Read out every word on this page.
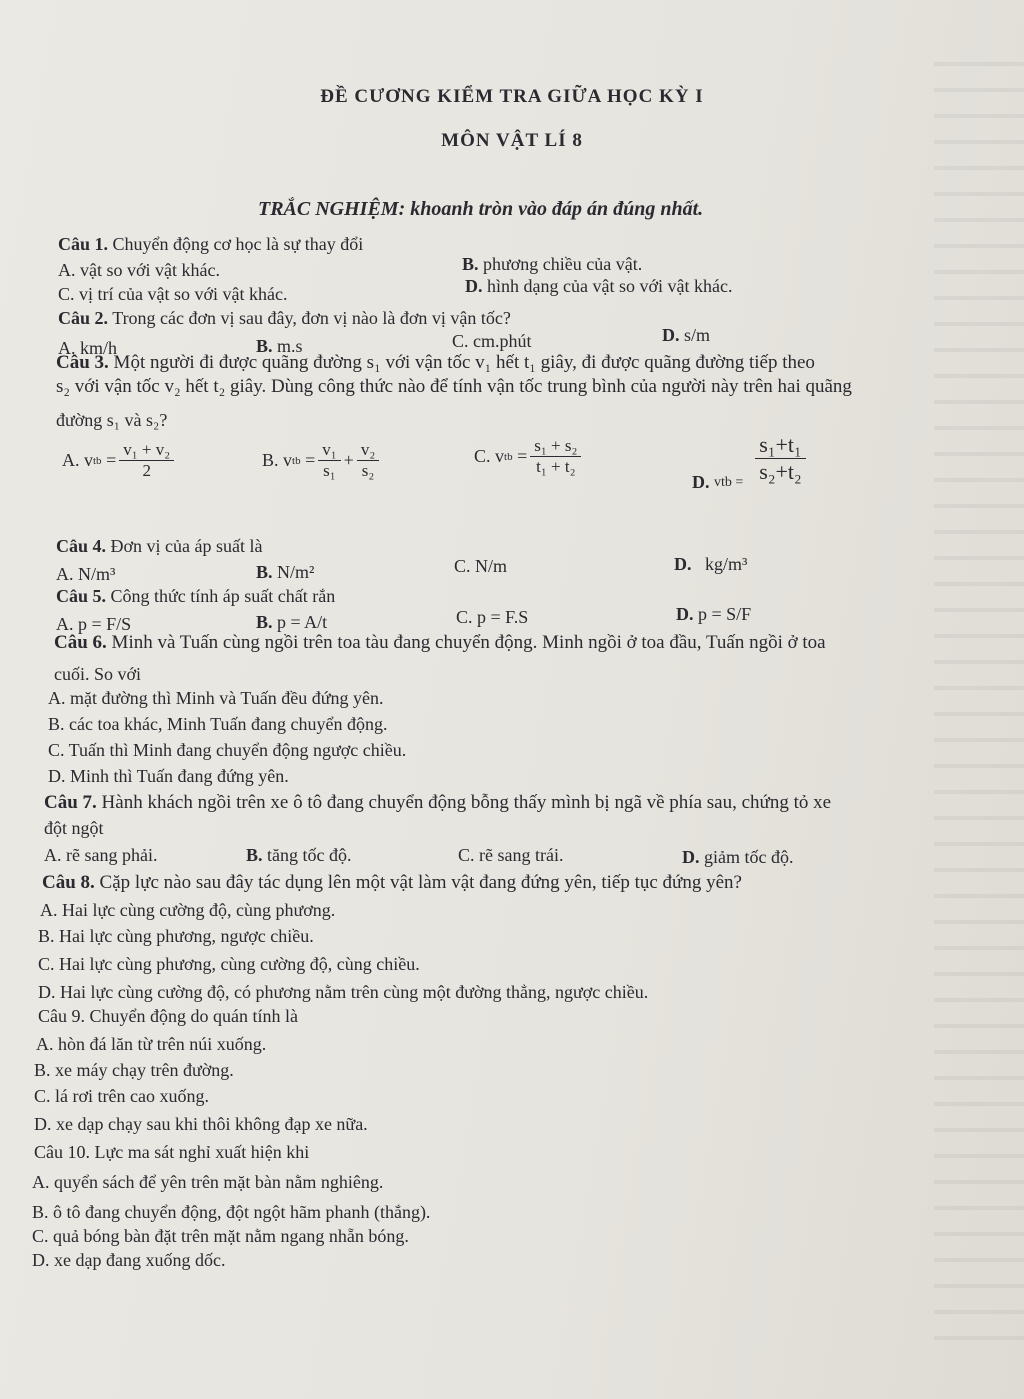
ĐỀ CƯƠNG KIỂM TRA GIỮA HỌC KỲ I
MÔN VẬT LÍ 8
TRẮC NGHIỆM: khoanh tròn vào đáp án đúng nhất.
Câu 1. Chuyển động cơ học là sự thay đổi
A. vật so với vật khác.	B. phương chiều của vật.
C. vị trí của vật so với vật khác.	D. hình dạng của vật so với vật khác.
Câu 2. Trong các đơn vị sau đây, đơn vị nào là đơn vị vận tốc?
A. km/h	B. m.s	C. cm.phút	D. s/m
Câu 3. Một người đi được quãng đường s₁ với vận tốc v₁ hết t₁ giây, đi được quãng đường tiếp theo
s₂ với vận tốc v₂ hết t₂ giây. Dùng công thức nào để tính vận tốc trung bình của người này trên hai quãng
đường s₁ và s₂?
A.
v tb = $\frac{\text{v₁ + v₂}}{2}$	B.
v tb = $\frac{\text{v₁}}{\text{s₁}} + \frac{\text{v₂}}{\text{s₂}}$	C.
v tb = $\frac{\text{s₁ + s₂}}{\text{t₁ + t₂}}$
D.
vtb =
$\frac{\text{s₁+t₁}}{\text{s₂+t₂}}$
Câu 4. Đơn vị của áp suất là
A. N/m³	B. N/m²	C. N/m	D. kg/m³
Câu 5. Công thức tính áp suất chất rắn
A. p = F/S	B. p = A/t	C. p = F.S	D. p = S/F
Câu 6. Minh và Tuấn cùng ngồi trên toa tàu đang chuyển động. Minh ngồi ở toa đầu, Tuấn ngồi ở toa
cuối. So với
A. mặt đường thì Minh và Tuấn đều đứng yên.
B. các toa khác, Minh Tuấn đang chuyển động.
C. Tuấn thì Minh đang chuyển động ngược chiều.
D. Minh thì Tuấn đang đứng yên.
Câu 7. Hành khách ngồi trên xe ô tô đang chuyển động bỗng thấy mình bị ngã về phía sau, chứng tỏ xe
đột ngột
A. rẽ sang phải.	B. tăng tốc độ.	C. rẽ sang trái.	D. giảm tốc độ.
Câu 8. Cặp lực nào sau đây tác dụng lên một vật làm vật đang đứng yên, tiếp tục đứng yên?
A. Hai lực cùng cường độ, cùng phương.
B. Hai lực cùng phương, ngược chiều.
C. Hai lực cùng phương, cùng cường độ, cùng chiều.
D. Hai lực cùng cường độ, có phương nằm trên cùng một đường thẳng, ngược chiều.
Câu 9. Chuyển động do quán tính là
A. hòn đá lăn từ trên núi xuống.
B. xe máy chạy trên đường.
C. lá rơi trên cao xuống.
D. xe dạp chạy sau khi thôi không đạp xe nữa.
Câu 10. Lực ma sát nghỉ xuất hiện khi
A. quyển sách để yên trên mặt bàn nằm nghiêng.
B. ô tô đang chuyển động, đột ngột hãm phanh (thắng).
C. quả bóng bàn đặt trên mặt nằm ngang nhẵn bóng.
D. xe dạp đang xuống dốc.
